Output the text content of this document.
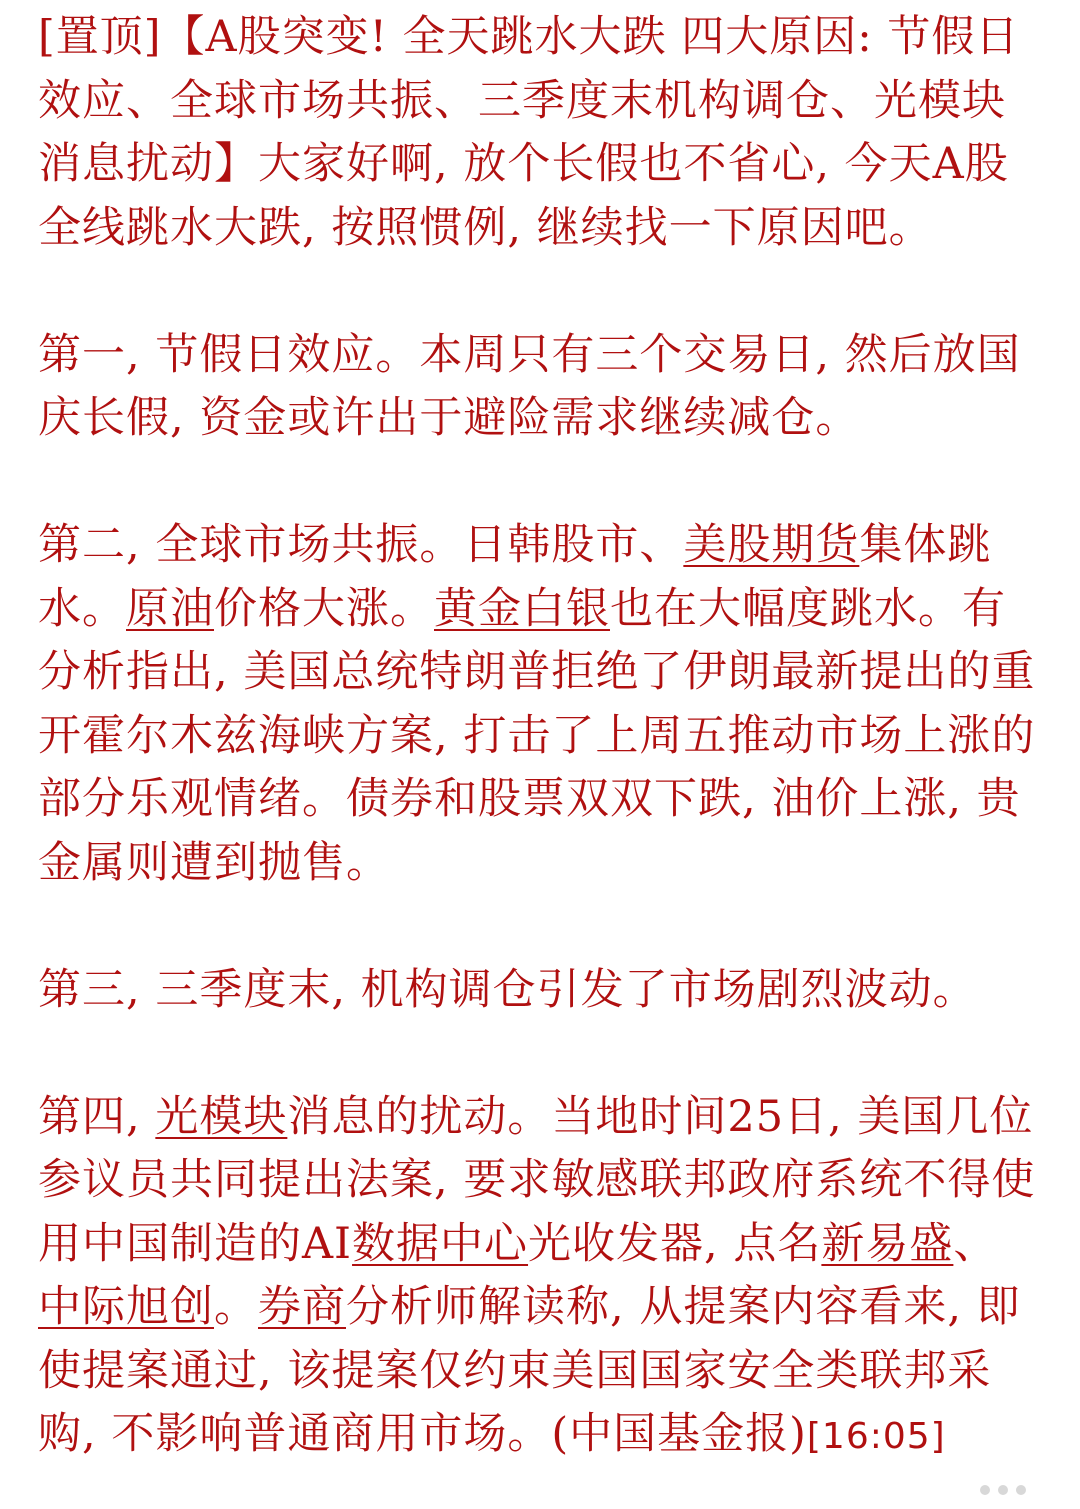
[置顶]【A股突变! 全天跳水大跌 四大原因: 节假日效应、全球市场共振、三季度末机构调仓、光模块消息扰动】大家好啊, 放个长假也不省心, 今天A股全线跳水大跌, 按照惯例, 继续找一下原因吧。

第一, 节假日效应。本周只有三个交易日, 然后放国庆长假, 资金或许出于避险需求继续减仓。

第二, 全球市场共振。日韩股市、美股期货集体跳水。原油价格大涨。黄金白银也在大幅度跳水。有分析指出, 美国总统特朗普拒绝了伊朗最新提出的重开霍尔木兹海峡方案, 打击了上周五推动市场上涨的部分乐观情绪。债券和股票双双下跌, 油价上涨, 贵金属则遭到抛售。

第三, 三季度末, 机构调仓引发了市场剧烈波动。

第四, 光模块消息的扰动。当地时间25日, 美国几位参议员共同提出法案, 要求敏感联邦政府系统不得使用中国制造的AI数据中心光收发器, 点名新易盛、中际旭创。券商分析师解读称, 从提案内容看来, 即使提案通过, 该提案仅约束美国国家安全类联邦采购, 不影响普通商用市场。(中国基金报)[16:05]
